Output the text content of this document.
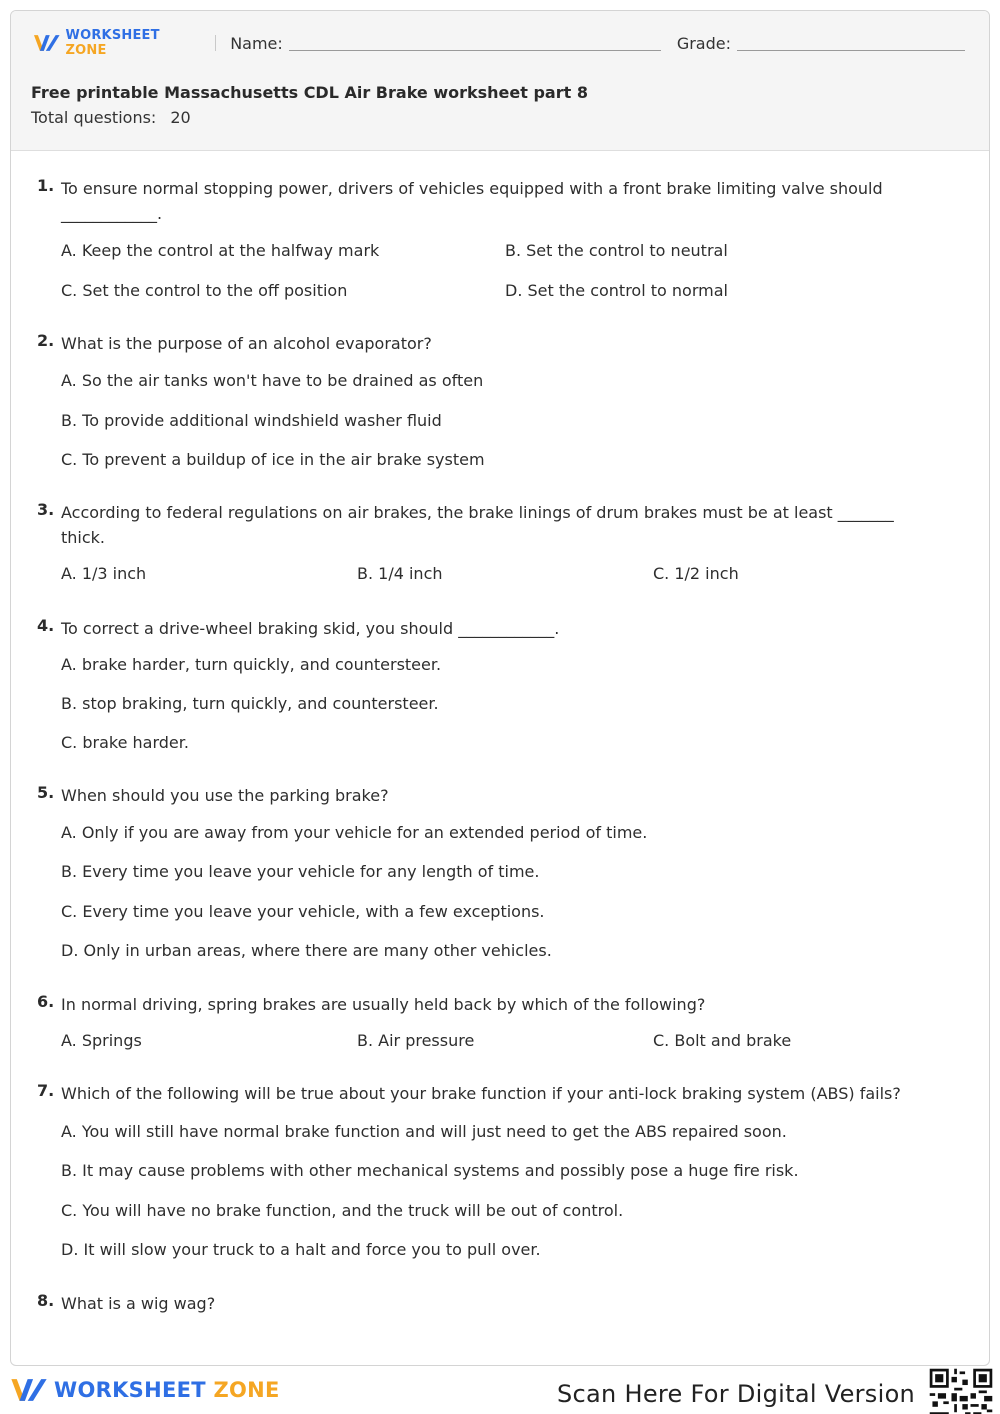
WORKSHEET ZONE	Name:	Grade:
Free printable Massachusetts CDL Air Brake worksheet part 8
Total questions: 20
1. To ensure normal stopping power, drivers of vehicles equipped with a front brake limiting valve should ____________.
A. Keep the control at the halfway mark	B. Set the control to neutral
C. Set the control to the off position	D. Set the control to normal
2. What is the purpose of an alcohol evaporator?
A. So the air tanks won't have to be drained as often
B. To provide additional windshield washer fluid
C. To prevent a buildup of ice in the air brake system
3. According to federal regulations on air brakes, the brake linings of drum brakes must be at least _______ thick.
A. 1/3 inch	B. 1/4 inch	C. 1/2 inch
4. To correct a drive-wheel braking skid, you should ____________.
A. brake harder, turn quickly, and countersteer.
B. stop braking, turn quickly, and countersteer.
C. brake harder.
5. When should you use the parking brake?
A. Only if you are away from your vehicle for an extended period of time.
B. Every time you leave your vehicle for any length of time.
C. Every time you leave your vehicle, with a few exceptions.
D. Only in urban areas, where there are many other vehicles.
6. In normal driving, spring brakes are usually held back by which of the following?
A. Springs	B. Air pressure	C. Bolt and brake
7. Which of the following will be true about your brake function if your anti-lock braking system (ABS) fails?
A. You will still have normal brake function and will just need to get the ABS repaired soon.
B. It may cause problems with other mechanical systems and possibly pose a huge fire risk.
C. You will have no brake function, and the truck will be out of control.
D. It will slow your truck to a halt and force you to pull over.
8. What is a wig wag?
WORKSHEET ZONE	Scan Here For Digital Version
